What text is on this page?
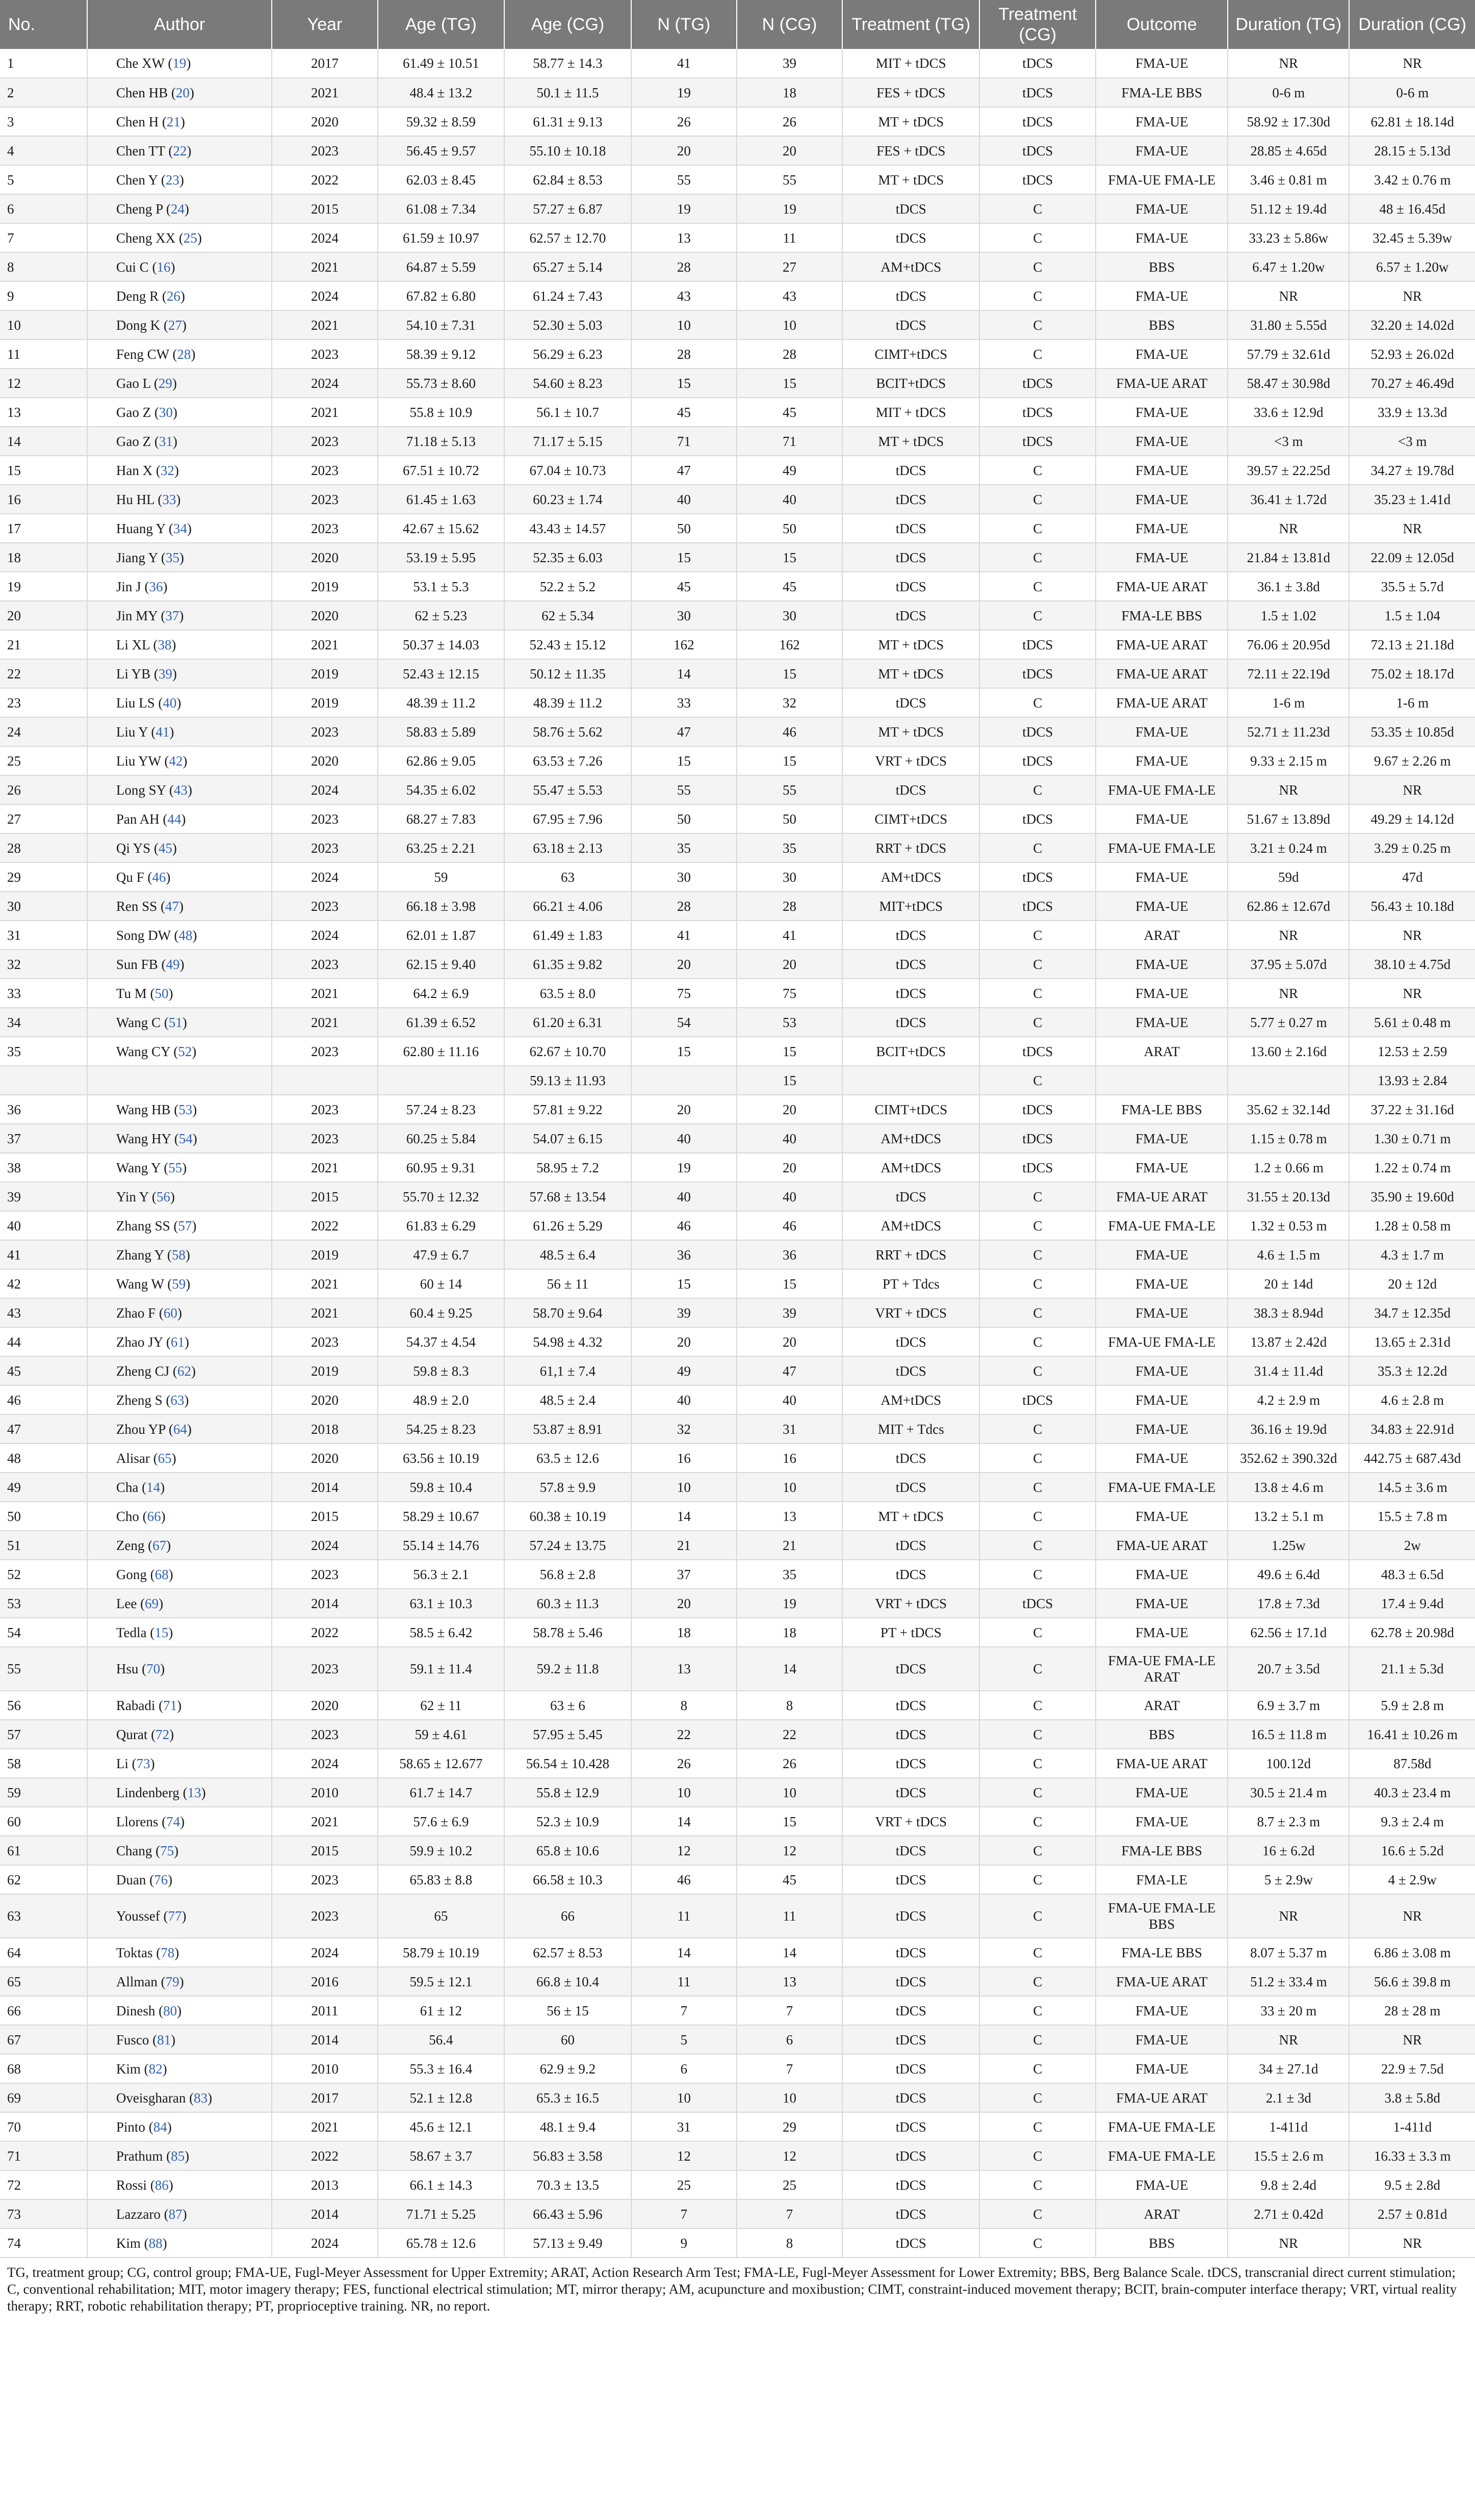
No.	Author	Year	Age (TG)	Age (CG)	N (TG)	N (CG)	Treatment (TG)	Treatment (CG)	Outcome	Duration (TG)	Duration (CG)
1	Che XW (19)	2017	61.49 ± 10.51	58.77 ± 14.3	41	39	MIT + tDCS	tDCS	FMA-UE	NR	NR
2	Chen HB (20)	2021	48.4 ± 13.2	50.1 ± 11.5	19	18	FES + tDCS	tDCS	FMA-LE BBS	0-6 m	0-6 m
3	Chen H (21)	2020	59.32 ± 8.59	61.31 ± 9.13	26	26	MT + tDCS	tDCS	FMA-UE	58.92 ± 17.30d	62.81 ± 18.14d
4	Chen TT (22)	2023	56.45 ± 9.57	55.10 ± 10.18	20	20	FES + tDCS	tDCS	FMA-UE	28.85 ± 4.65d	28.15 ± 5.13d
5	Chen Y (23)	2022	62.03 ± 8.45	62.84 ± 8.53	55	55	MT + tDCS	tDCS	FMA-UE FMA-LE	3.46 ± 0.81 m	3.42 ± 0.76 m
6	Cheng P (24)	2015	61.08 ± 7.34	57.27 ± 6.87	19	19	tDCS	C	FMA-UE	51.12 ± 19.4d	48 ± 16.45d
7	Cheng XX (25)	2024	61.59 ± 10.97	62.57 ± 12.70	13	11	tDCS	C	FMA-UE	33.23 ± 5.86w	32.45 ± 5.39w
8	Cui C (16)	2021	64.87 ± 5.59	65.27 ± 5.14	28	27	AM+tDCS	C	BBS	6.47 ± 1.20w	6.57 ± 1.20w
9	Deng R (26)	2024	67.82 ± 6.80	61.24 ± 7.43	43	43	tDCS	C	FMA-UE	NR	NR
10	Dong K (27)	2021	54.10 ± 7.31	52.30 ± 5.03	10	10	tDCS	C	BBS	31.80 ± 5.55d	32.20 ± 14.02d
11	Feng CW (28)	2023	58.39 ± 9.12	56.29 ± 6.23	28	28	CIMT+tDCS	C	FMA-UE	57.79 ± 32.61d	52.93 ± 26.02d
12	Gao L (29)	2024	55.73 ± 8.60	54.60 ± 8.23	15	15	BCIT+tDCS	tDCS	FMA-UE ARAT	58.47 ± 30.98d	70.27 ± 46.49d
13	Gao Z (30)	2021	55.8 ± 10.9	56.1 ± 10.7	45	45	MIT + tDCS	tDCS	FMA-UE	33.6 ± 12.9d	33.9 ± 13.3d
14	Gao Z (31)	2023	71.18 ± 5.13	71.17 ± 5.15	71	71	MT + tDCS	tDCS	FMA-UE	<3 m	<3 m
15	Han X (32)	2023	67.51 ± 10.72	67.04 ± 10.73	47	49	tDCS	C	FMA-UE	39.57 ± 22.25d	34.27 ± 19.78d
16	Hu HL (33)	2023	61.45 ± 1.63	60.23 ± 1.74	40	40	tDCS	C	FMA-UE	36.41 ± 1.72d	35.23 ± 1.41d
17	Huang Y (34)	2023	42.67 ± 15.62	43.43 ± 14.57	50	50	tDCS	C	FMA-UE	NR	NR
18	Jiang Y (35)	2020	53.19 ± 5.95	52.35 ± 6.03	15	15	tDCS	C	FMA-UE	21.84 ± 13.81d	22.09 ± 12.05d
19	Jin J (36)	2019	53.1 ± 5.3	52.2 ± 5.2	45	45	tDCS	C	FMA-UE ARAT	36.1 ± 3.8d	35.5 ± 5.7d
20	Jin MY (37)	2020	62 ± 5.23	62 ± 5.34	30	30	tDCS	C	FMA-LE BBS	1.5 ± 1.02	1.5 ± 1.04
21	Li XL (38)	2021	50.37 ± 14.03	52.43 ± 15.12	162	162	MT + tDCS	tDCS	FMA-UE ARAT	76.06 ± 20.95d	72.13 ± 21.18d
22	Li YB (39)	2019	52.43 ± 12.15	50.12 ± 11.35	14	15	MT + tDCS	tDCS	FMA-UE ARAT	72.11 ± 22.19d	75.02 ± 18.17d
23	Liu LS (40)	2019	48.39 ± 11.2	48.39 ± 11.2	33	32	tDCS	C	FMA-UE ARAT	1-6 m	1-6 m
24	Liu Y (41)	2023	58.83 ± 5.89	58.76 ± 5.62	47	46	MT + tDCS	tDCS	FMA-UE	52.71 ± 11.23d	53.35 ± 10.85d
25	Liu YW (42)	2020	62.86 ± 9.05	63.53 ± 7.26	15	15	VRT + tDCS	tDCS	FMA-UE	9.33 ± 2.15 m	9.67 ± 2.26 m
26	Long SY (43)	2024	54.35 ± 6.02	55.47 ± 5.53	55	55	tDCS	C	FMA-UE FMA-LE	NR	NR
27	Pan AH (44)	2023	68.27 ± 7.83	67.95 ± 7.96	50	50	CIMT+tDCS	tDCS	FMA-UE	51.67 ± 13.89d	49.29 ± 14.12d
28	Qi YS (45)	2023	63.25 ± 2.21	63.18 ± 2.13	35	35	RRT + tDCS	C	FMA-UE FMA-LE	3.21 ± 0.24 m	3.29 ± 0.25 m
29	Qu F (46)	2024	59	63	30	30	AM+tDCS	tDCS	FMA-UE	59d	47d
30	Ren SS (47)	2023	66.18 ± 3.98	66.21 ± 4.06	28	28	MIT+tDCS	tDCS	FMA-UE	62.86 ± 12.67d	56.43 ± 10.18d
31	Song DW (48)	2024	62.01 ± 1.87	61.49 ± 1.83	41	41	tDCS	C	ARAT	NR	NR
32	Sun FB (49)	2023	62.15 ± 9.40	61.35 ± 9.82	20	20	tDCS	C	FMA-UE	37.95 ± 5.07d	38.10 ± 4.75d
33	Tu M (50)	2021	64.2 ± 6.9	63.5 ± 8.0	75	75	tDCS	C	FMA-UE	NR	NR
34	Wang C (51)	2021	61.39 ± 6.52	61.20 ± 6.31	54	53	tDCS	C	FMA-UE	5.77 ± 0.27 m	5.61 ± 0.48 m
35	Wang CY (52)	2023	62.80 ± 11.16	62.67 ± 10.70	15	15	BCIT+tDCS	tDCS	ARAT	13.60 ± 2.16d	12.53 ± 2.59
				59.13 ± 11.93		15		C			13.93 ± 2.84
36	Wang HB (53)	2023	57.24 ± 8.23	57.81 ± 9.22	20	20	CIMT+tDCS	tDCS	FMA-LE BBS	35.62 ± 32.14d	37.22 ± 31.16d
37	Wang HY (54)	2023	60.25 ± 5.84	54.07 ± 6.15	40	40	AM+tDCS	tDCS	FMA-UE	1.15 ± 0.78 m	1.30 ± 0.71 m
38	Wang Y (55)	2021	60.95 ± 9.31	58.95 ± 7.2	19	20	AM+tDCS	tDCS	FMA-UE	1.2 ± 0.66 m	1.22 ± 0.74 m
39	Yin Y (56)	2015	55.70 ± 12.32	57.68 ± 13.54	40	40	tDCS	C	FMA-UE ARAT	31.55 ± 20.13d	35.90 ± 19.60d
40	Zhang SS (57)	2022	61.83 ± 6.29	61.26 ± 5.29	46	46	AM+tDCS	C	FMA-UE FMA-LE	1.32 ± 0.53 m	1.28 ± 0.58 m
41	Zhang Y (58)	2019	47.9 ± 6.7	48.5 ± 6.4	36	36	RRT + tDCS	C	FMA-UE	4.6 ± 1.5 m	4.3 ± 1.7 m
42	Wang W (59)	2021	60 ± 14	56 ± 11	15	15	PT + Tdcs	C	FMA-UE	20 ± 14d	20 ± 12d
43	Zhao F (60)	2021	60.4 ± 9.25	58.70 ± 9.64	39	39	VRT + tDCS	C	FMA-UE	38.3 ± 8.94d	34.7 ± 12.35d
44	Zhao JY (61)	2023	54.37 ± 4.54	54.98 ± 4.32	20	20	tDCS	C	FMA-UE FMA-LE	13.87 ± 2.42d	13.65 ± 2.31d
45	Zheng CJ (62)	2019	59.8 ± 8.3	61,1 ± 7.4	49	47	tDCS	C	FMA-UE	31.4 ± 11.4d	35.3 ± 12.2d
46	Zheng S (63)	2020	48.9 ± 2.0	48.5 ± 2.4	40	40	AM+tDCS	tDCS	FMA-UE	4.2 ± 2.9 m	4.6 ± 2.8 m
47	Zhou YP (64)	2018	54.25 ± 8.23	53.87 ± 8.91	32	31	MIT + Tdcs	C	FMA-UE	36.16 ± 19.9d	34.83 ± 22.91d
48	Alisar (65)	2020	63.56 ± 10.19	63.5 ± 12.6	16	16	tDCS	C	FMA-UE	352.62 ± 390.32d	442.75 ± 687.43d
49	Cha (14)	2014	59.8 ± 10.4	57.8 ± 9.9	10	10	tDCS	C	FMA-UE FMA-LE	13.8 ± 4.6 m	14.5 ± 3.6 m
50	Cho (66)	2015	58.29 ± 10.67	60.38 ± 10.19	14	13	MT + tDCS	C	FMA-UE	13.2 ± 5.1 m	15.5 ± 7.8 m
51	Zeng (67)	2024	55.14 ± 14.76	57.24 ± 13.75	21	21	tDCS	C	FMA-UE ARAT	1.25w	2w
52	Gong (68)	2023	56.3 ± 2.1	56.8 ± 2.8	37	35	tDCS	C	FMA-UE	49.6 ± 6.4d	48.3 ± 6.5d
53	Lee (69)	2014	63.1 ± 10.3	60.3 ± 11.3	20	19	VRT + tDCS	tDCS	FMA-UE	17.8 ± 7.3d	17.4 ± 9.4d
54	Tedla (15)	2022	58.5 ± 6.42	58.78 ± 5.46	18	18	PT + tDCS	C	FMA-UE	62.56 ± 17.1d	62.78 ± 20.98d
55	Hsu (70)	2023	59.1 ± 11.4	59.2 ± 11.8	13	14	tDCS	C	FMA-UE FMA-LE ARAT	20.7 ± 3.5d	21.1 ± 5.3d
56	Rabadi (71)	2020	62 ± 11	63 ± 6	8	8	tDCS	C	ARAT	6.9 ± 3.7 m	5.9 ± 2.8 m
57	Qurat (72)	2023	59 ± 4.61	57.95 ± 5.45	22	22	tDCS	C	BBS	16.5 ± 11.8 m	16.41 ± 10.26 m
58	Li (73)	2024	58.65 ± 12.677	56.54 ± 10.428	26	26	tDCS	C	FMA-UE ARAT	100.12d	87.58d
59	Lindenberg (13)	2010	61.7 ± 14.7	55.8 ± 12.9	10	10	tDCS	C	FMA-UE	30.5 ± 21.4 m	40.3 ± 23.4 m
60	Llorens (74)	2021	57.6 ± 6.9	52.3 ± 10.9	14	15	VRT + tDCS	C	FMA-UE	8.7 ± 2.3 m	9.3 ± 2.4 m
61	Chang (75)	2015	59.9 ± 10.2	65.8 ± 10.6	12	12	tDCS	C	FMA-LE BBS	16 ± 6.2d	16.6 ± 5.2d
62	Duan (76)	2023	65.83 ± 8.8	66.58 ± 10.3	46	45	tDCS	C	FMA-LE	5 ± 2.9w	4 ± 2.9w
63	Youssef (77)	2023	65	66	11	11	tDCS	C	FMA-UE FMA-LE BBS	NR	NR
64	Toktas (78)	2024	58.79 ± 10.19	62.57 ± 8.53	14	14	tDCS	C	FMA-LE BBS	8.07 ± 5.37 m	6.86 ± 3.08 m
65	Allman (79)	2016	59.5 ± 12.1	66.8 ± 10.4	11	13	tDCS	C	FMA-UE ARAT	51.2 ± 33.4 m	56.6 ± 39.8 m
66	Dinesh (80)	2011	61 ± 12	56 ± 15	7	7	tDCS	C	FMA-UE	33 ± 20 m	28 ± 28 m
67	Fusco (81)	2014	56.4	60	5	6	tDCS	C	FMA-UE	NR	NR
68	Kim (82)	2010	55.3 ± 16.4	62.9 ± 9.2	6	7	tDCS	C	FMA-UE	34 ± 27.1d	22.9 ± 7.5d
69	Oveisgharan (83)	2017	52.1 ± 12.8	65.3 ± 16.5	10	10	tDCS	C	FMA-UE ARAT	2.1 ± 3d	3.8 ± 5.8d
70	Pinto (84)	2021	45.6 ± 12.1	48.1 ± 9.4	31	29	tDCS	C	FMA-UE FMA-LE	1-411d	1-411d
71	Prathum (85)	2022	58.67 ± 3.7	56.83 ± 3.58	12	12	tDCS	C	FMA-UE FMA-LE	15.5 ± 2.6 m	16.33 ± 3.3 m
72	Rossi (86)	2013	66.1 ± 14.3	70.3 ± 13.5	25	25	tDCS	C	FMA-UE	9.8 ± 2.4d	9.5 ± 2.8d
73	Lazzaro (87)	2014	71.71 ± 5.25	66.43 ± 5.96	7	7	tDCS	C	ARAT	2.71 ± 0.42d	2.57 ± 0.81d
74	Kim (88)	2024	65.78 ± 12.6	57.13 ± 9.49	9	8	tDCS	C	BBS	NR	NR
TG, treatment group; CG, control group; FMA-UE, Fugl-Meyer Assessment for Upper Extremity; ARAT, Action Research Arm Test; FMA-LE, Fugl-Meyer Assessment for Lower Extremity; BBS, Berg Balance Scale. tDCS, transcranial direct current stimulation; C, conventional rehabilitation; MIT, motor imagery therapy; FES, functional electrical stimulation; MT, mirror therapy; AM, acupuncture and moxibustion; CIMT, constraint-induced movement therapy; BCIT, brain-computer interface therapy; VRT, virtual reality therapy; RRT, robotic rehabilitation therapy; PT, proprioceptive training. NR, no report.
